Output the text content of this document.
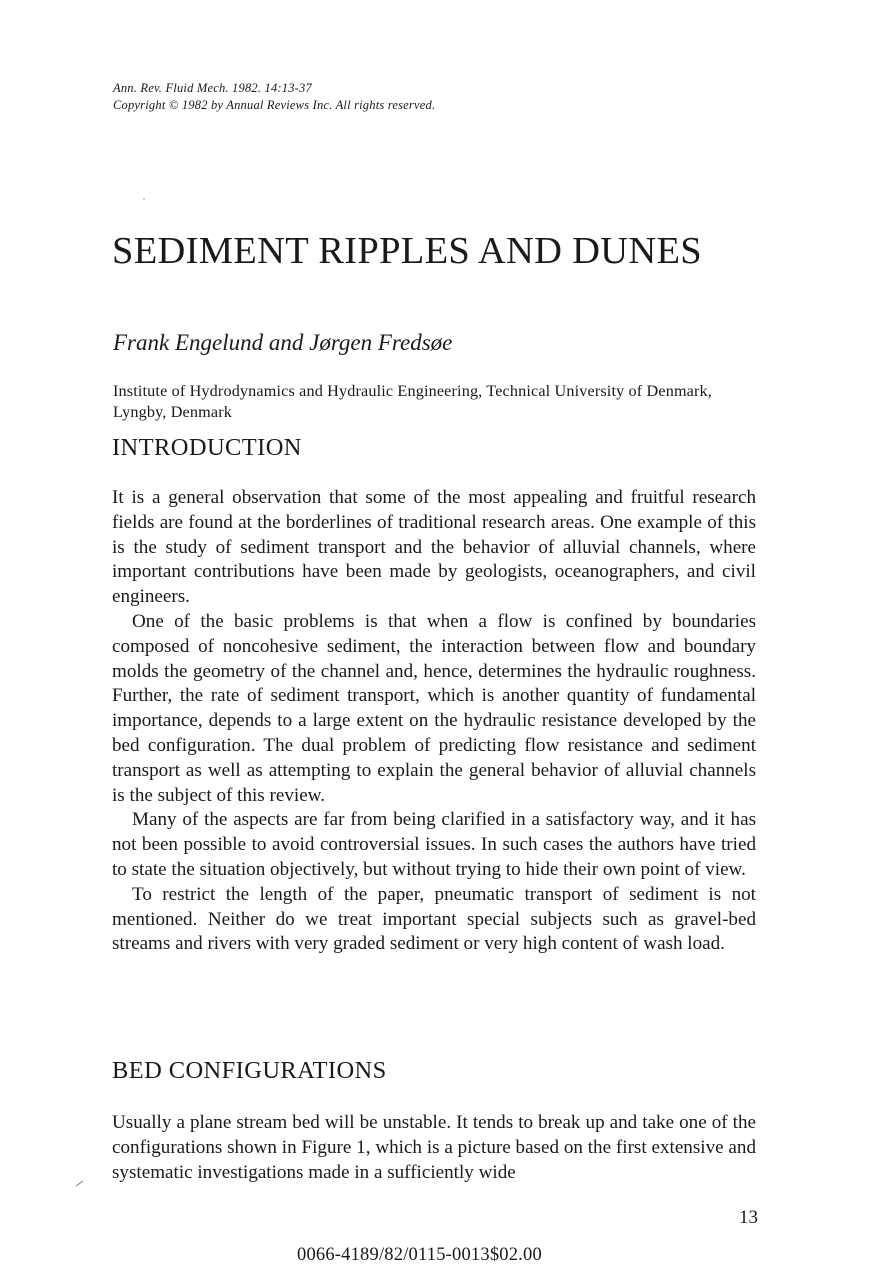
Ann. Rev. Fluid Mech. 1982. 14:13-37
Copyright © 1982 by Annual Reviews Inc. All rights reserved.
SEDIMENT RIPPLES AND DUNES
Frank Engelund and Jørgen Fredsøe
Institute of Hydrodynamics and Hydraulic Engineering, Technical University of Denmark, Lyngby, Denmark
INTRODUCTION

It is a general observation that some of the most appealing and fruitful research fields are found at the borderlines of traditional research areas. One example of this is the study of sediment transport and the behavior of alluvial channels, where important contributions have been made by geologists, oceanographers, and civil engineers.

One of the basic problems is that when a flow is confined by boundaries composed of noncohesive sediment, the interaction between flow and boundary molds the geometry of the channel and, hence, determines the hydraulic roughness. Further, the rate of sediment transport, which is another quantity of fundamental importance, depends to a large extent on the hydraulic resistance developed by the bed configuration. The dual problem of predicting flow resistance and sediment transport as well as attempting to explain the general behavior of alluvial channels is the subject of this review.

Many of the aspects are far from being clarified in a satisfactory way, and it has not been possible to avoid controversial issues. In such cases the authors have tried to state the situation objectively, but without trying to hide their own point of view.

To restrict the length of the paper, pneumatic transport of sediment is not mentioned. Neither do we treat important special subjects such as gravel-bed streams and rivers with very graded sediment or very high content of wash load.

BED CONFIGURATIONS

Usually a plane stream bed will be unstable. It tends to break up and take one of the configurations shown in Figure 1, which is a picture based on the first extensive and systematic investigations made in a sufficiently wide

13
0066-4189/82/0115-0013$02.00
